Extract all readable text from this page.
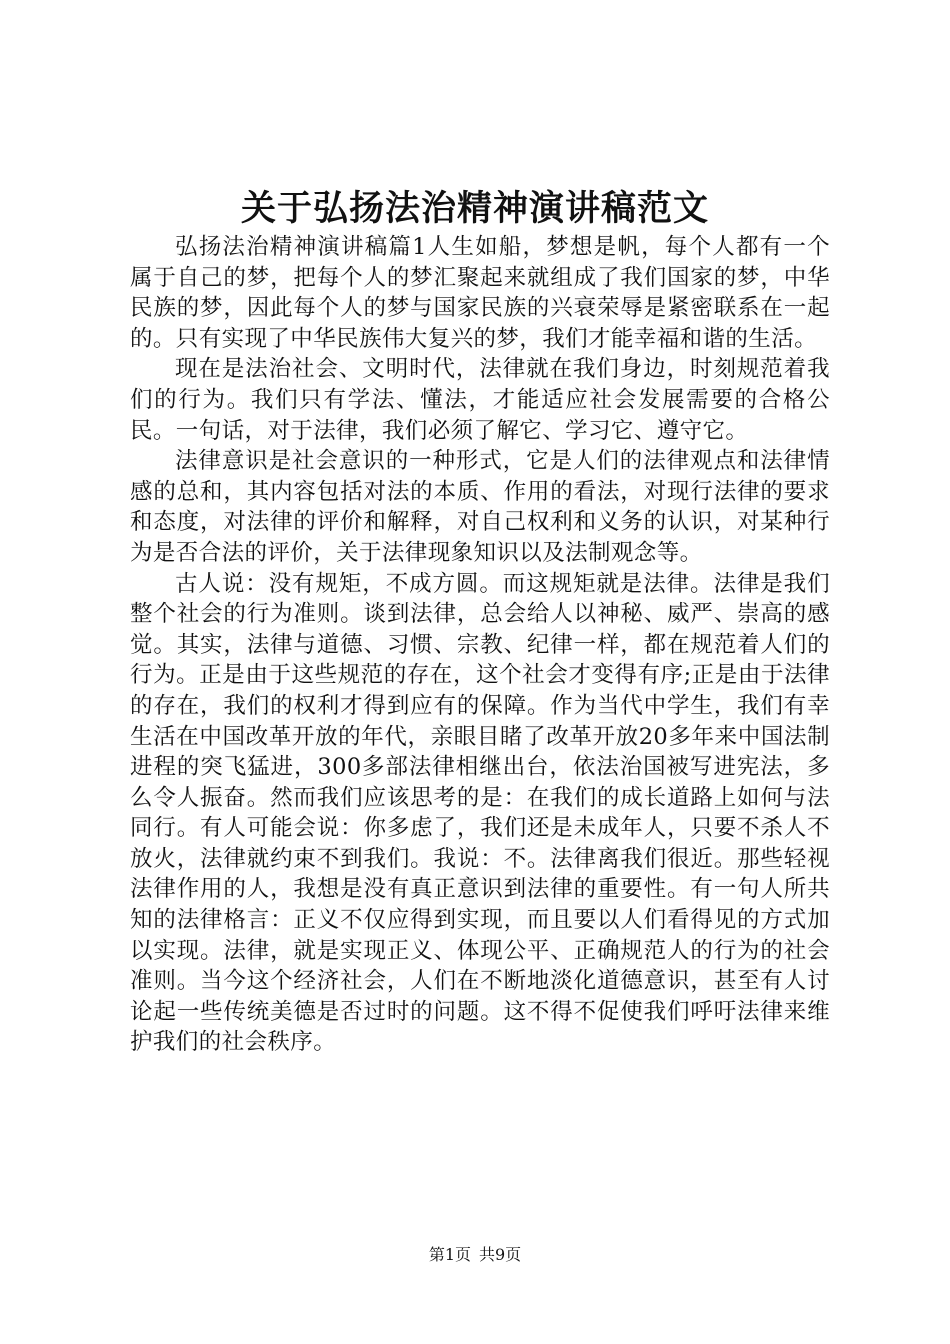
关于弘扬法治精神演讲稿范文

弘扬法治精神演讲稿篇1人生如船，梦想是帆，每个人都有一个属于自己的梦，把每个人的梦汇聚起来就组成了我们国家的梦，中华民族的梦，因此每个人的梦与国家民族的兴衰荣辱是紧密联系在一起的。只有实现了中华民族伟大复兴的梦，我们才能幸福和谐的生活。

现在是法治社会、文明时代，法律就在我们身边，时刻规范着我们的行为。我们只有学法、懂法，才能适应社会发展需要的合格公民。一句话，对于法律，我们必须了解它、学习它、遵守它。

法律意识是社会意识的一种形式，它是人们的法律观点和法律情感的总和，其内容包括对法的本质、作用的看法，对现行法律的要求和态度，对法律的评价和解释，对自己权利和义务的认识，对某种行为是否合法的评价，关于法律现象知识以及法制观念等。

古人说：没有规矩，不成方圆。而这规矩就是法律。法律是我们整个社会的行为准则。谈到法律，总会给人以神秘、威严、崇高的感觉。其实，法律与道德、习惯、宗教、纪律一样，都在规范着人们的行为。正是由于这些规范的存在，这个社会才变得有序;正是由于法律的存在，我们的权利才得到应有的保障。作为当代中学生，我们有幸生活在中国改革开放的年代，亲眼目睹了改革开放20多年来中国法制进程的突飞猛进，300多部法律相继出台，依法治国被写进宪法，多么令人振奋。然而我们应该思考的是：在我们的成长道路上如何与法同行。有人可能会说：你多虑了，我们还是未成年人，只要不杀人不放火，法律就约束不到我们。我说：不。法律离我们很近。那些轻视法律作用的人，我想是没有真正意识到法律的重要性。有一句人所共知的法律格言：正义不仅应得到实现，而且要以人们看得见的方式加以实现。法律，就是实现正义、体现公平、正确规范人的行为的社会准则。当今这个经济社会，人们在不断地淡化道德意识，甚至有人讨论起一些传统美德是否过时的问题。这不得不促使我们呼吁法律来维护我们的社会秩序。

第1页 共9页
